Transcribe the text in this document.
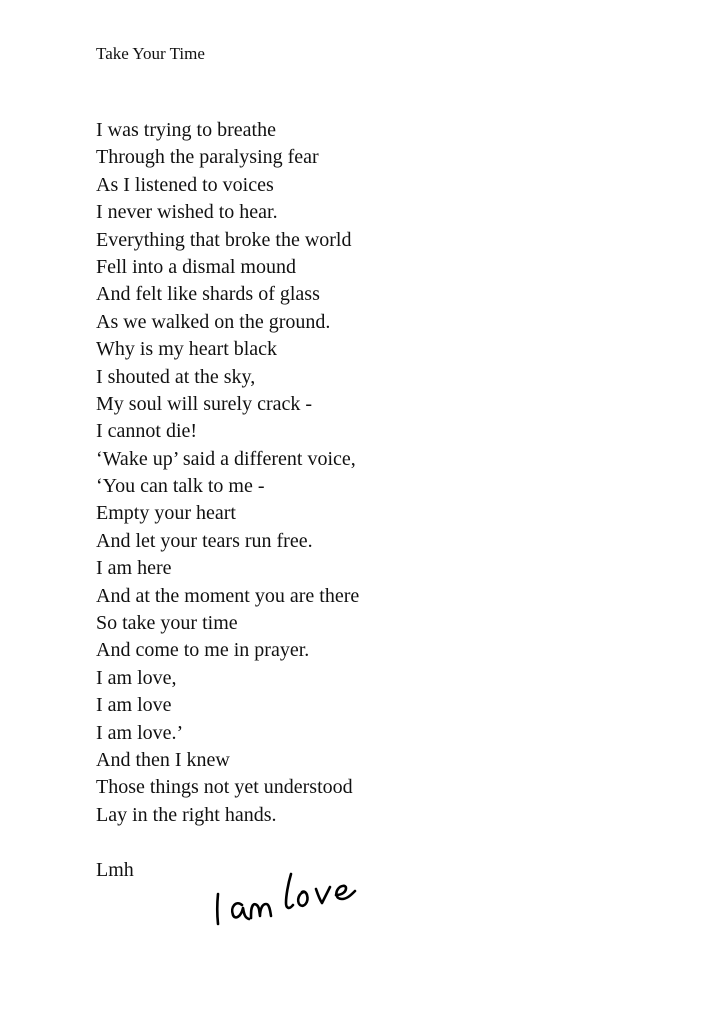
Take Your Time
I was trying to breathe
Through the paralysing fear
As I listened to voices
I never wished to hear.
Everything that broke the world
Fell into a dismal mound
And felt like shards of glass
As we walked on the ground.
Why is my heart black
I shouted at the sky,
My soul will surely crack -
I cannot die!
‘Wake up’ said a different voice,
‘You can talk to me -
Empty your heart
And let your tears run free.
I am here
And at the moment you are there
So take your time
And come to me in prayer.
I am love,
I am love
I am love.’
And then I knew
Those things not yet understood
Lay in the right hands.
Lmh
